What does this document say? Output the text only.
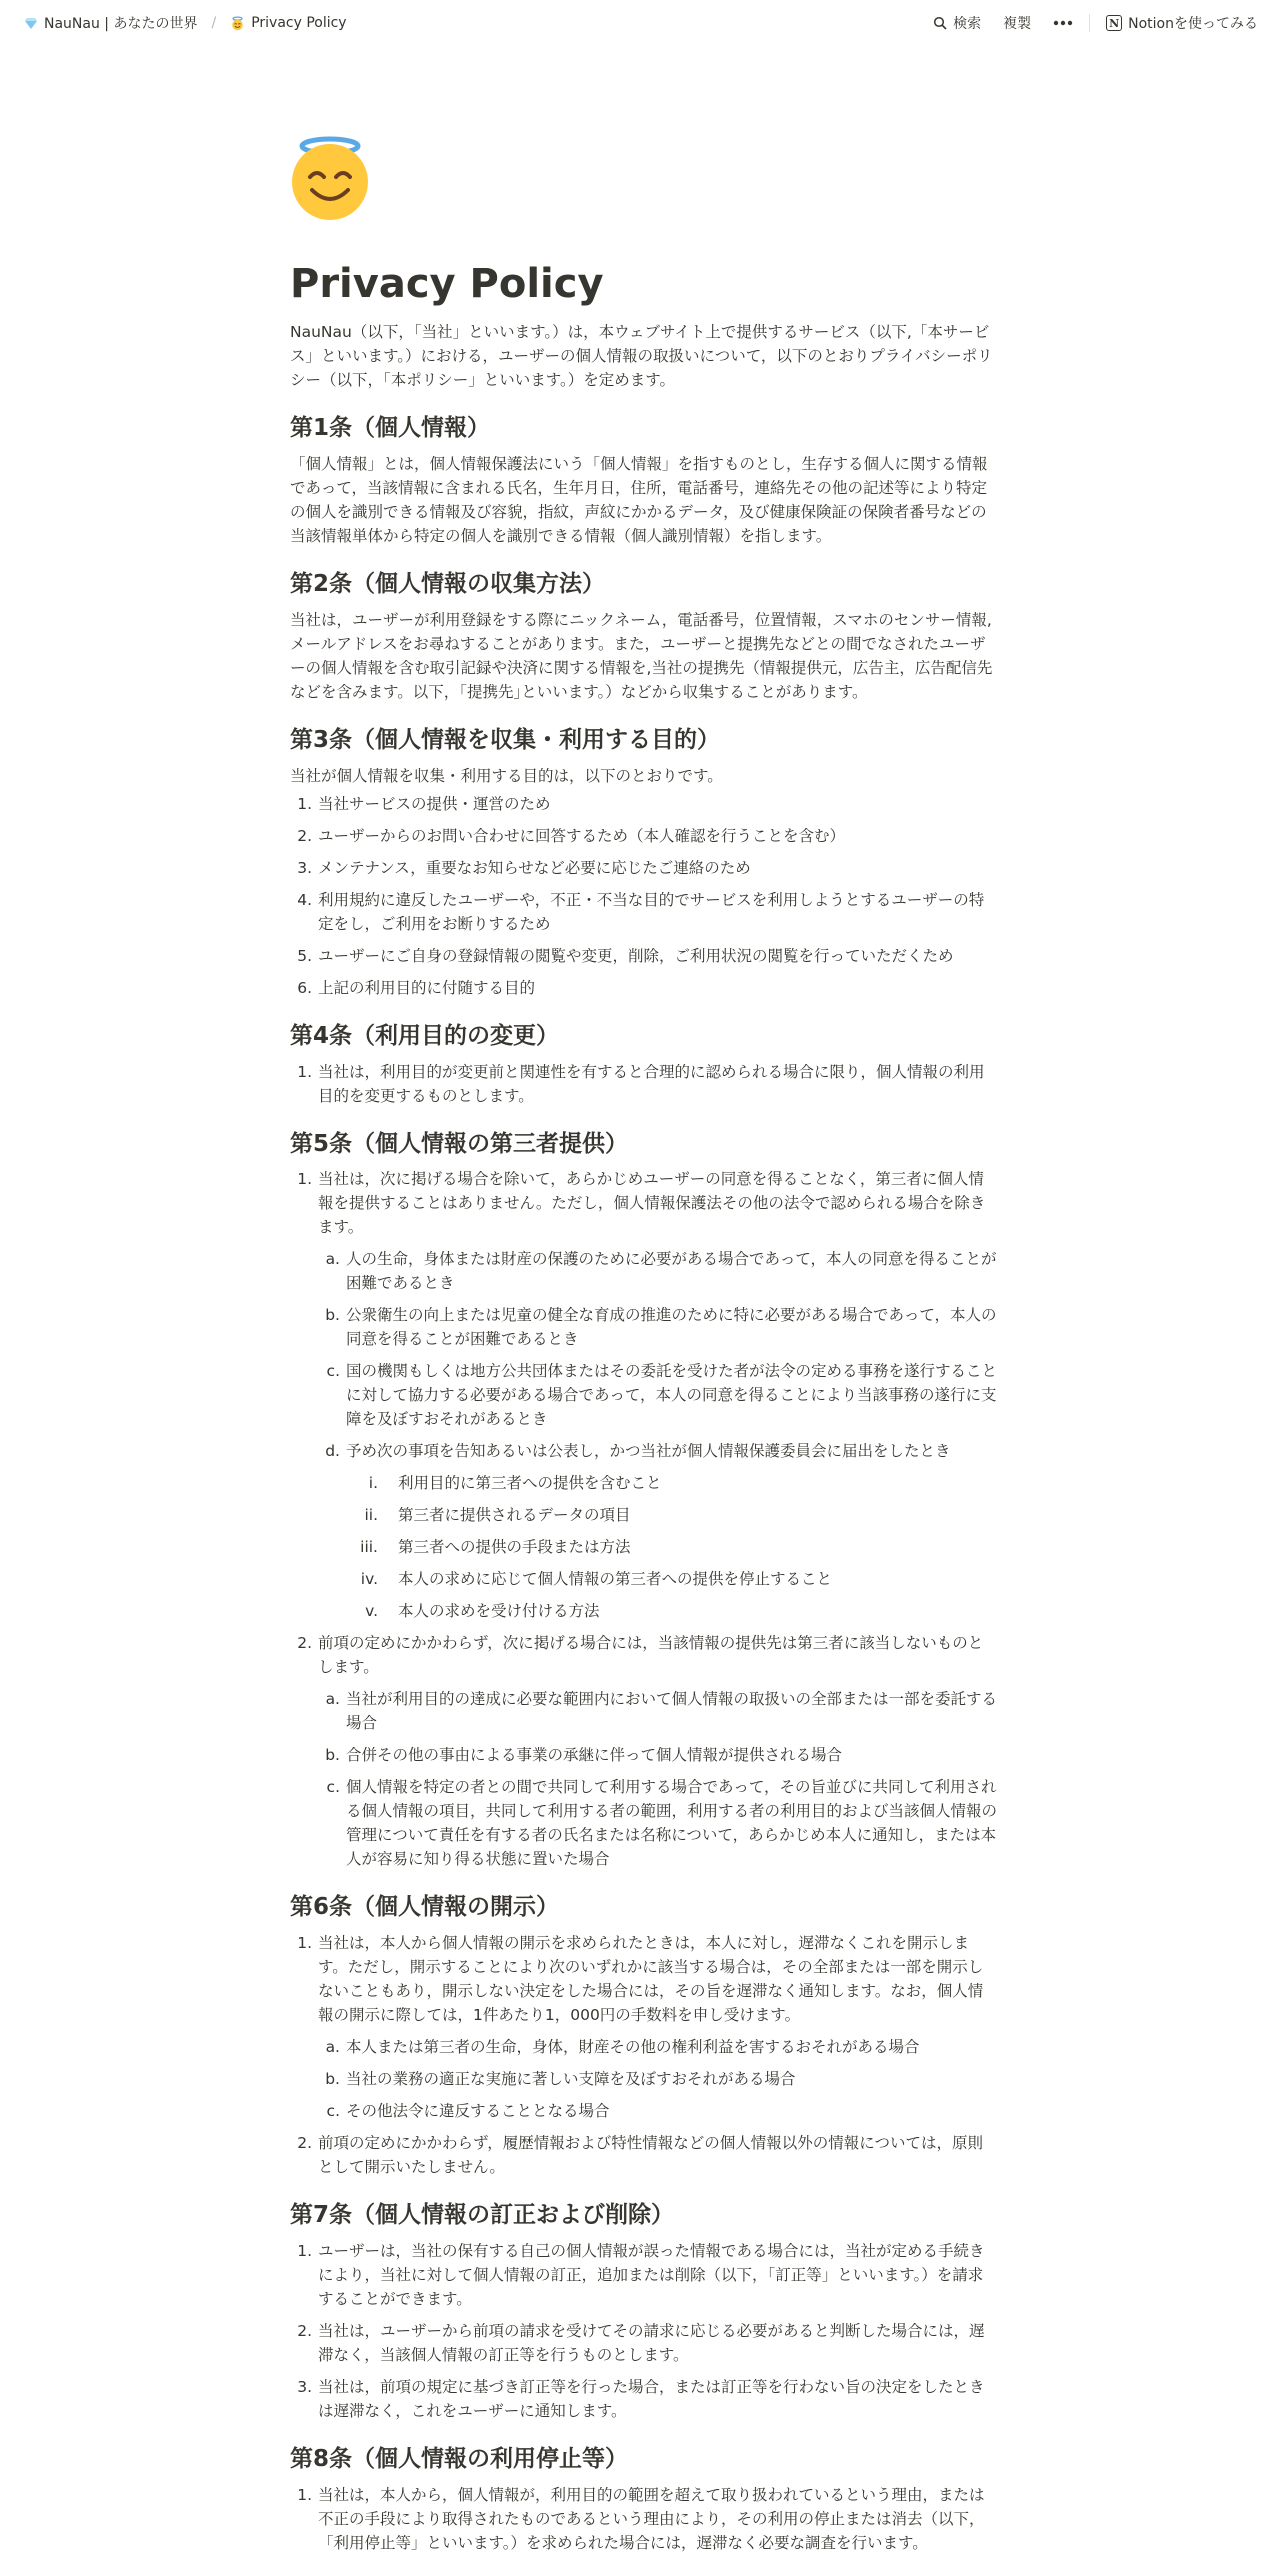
NauNau | あなたの世界 /	Privacy Policy	検索 複製	N Notionを使ってみる
Privacy Policy

NauNau（以下，「当社」といいます。）は，本ウェブサイト上で提供するサービス（以下,「本サービス」といいます。）における，ユーザーの個人情報の取扱いについて，以下のとおりプライバシーポリシー（以下，「本ポリシー」といいます。）を定めます。

第1条（個人情報）

「個人情報」とは，個人情報保護法にいう「個人情報」を指すものとし，生存する個人に関する情報であって，当該情報に含まれる氏名，生年月日，住所，電話番号，連絡先その他の記述等により特定の個人を識別できる情報及び容貌，指紋，声紋にかかるデータ，及び健康保険証の保険者番号などの当該情報単体から特定の個人を識別できる情報（個人識別情報）を指します。

第2条（個人情報の収集方法）

当社は，ユーザーが利用登録をする際にニックネーム，電話番号，位置情報，スマホのセンサー情報,メールアドレスをお尋ねすることがあります。また，ユーザーと提携先などとの間でなされたユーザーの個人情報を含む取引記録や決済に関する情報を,当社の提携先（情報提供元，広告主，広告配信先などを含みます。以下，｢提携先｣といいます。）などから収集することがあります。

第3条（個人情報を収集・利用する目的）

当社が個人情報を収集・利用する目的は，以下のとおりです。

1. 当社サービスの提供・運営のため
2. ユーザーからのお問い合わせに回答するため（本人確認を行うことを含む）
3. メンテナンス，重要なお知らせなど必要に応じたご連絡のため
4. 利用規約に違反したユーザーや，不正・不当な目的でサービスを利用しようとするユーザーの特定をし，ご利用をお断りするため
5. ユーザーにご自身の登録情報の閲覧や変更，削除，ご利用状況の閲覧を行っていただくため
6. 上記の利用目的に付随する目的
第4条（利用目的の変更）
1. 当社は，利用目的が変更前と関連性を有すると合理的に認められる場合に限り，個人情報の利用目的を変更するものとします。
第5条（個人情報の第三者提供）
1. 当社は，次に掲げる場合を除いて，あらかじめユーザーの同意を得ることなく，第三者に個人情報を提供することはありません。ただし，個人情報保護法その他の法令で認められる場合を除きます。
a. 人の生命，身体または財産の保護のために必要がある場合であって，本人の同意を得ることが困難であるとき
b. 公衆衛生の向上または児童の健全な育成の推進のために特に必要がある場合であって，本人の同意を得ることが困難であるとき
c. 国の機関もしくは地方公共団体またはその委託を受けた者が法令の定める事務を遂行することに対して協力する必要がある場合であって，本人の同意を得ることにより当該事務の遂行に支障を及ぼすおそれがあるとき
d. 予め次の事項を告知あるいは公表し，かつ当社が個人情報保護委員会に届出をしたとき
i. 利用目的に第三者への提供を含むこと
ii. 第三者に提供されるデータの項目
iii. 第三者への提供の手段または方法
iv. 本人の求めに応じて個人情報の第三者への提供を停止すること
v. 本人の求めを受け付ける方法
2. 前項の定めにかかわらず，次に掲げる場合には，当該情報の提供先は第三者に該当しないものとします。
a. 当社が利用目的の達成に必要な範囲内において個人情報の取扱いの全部または一部を委託する場合
b. 合併その他の事由による事業の承継に伴って個人情報が提供される場合
c. 個人情報を特定の者との間で共同して利用する場合であって，その旨並びに共同して利用される個人情報の項目，共同して利用する者の範囲，利用する者の利用目的および当該個人情報の管理について責任を有する者の氏名または名称について，あらかじめ本人に通知し，または本人が容易に知り得る状態に置いた場合
第6条（個人情報の開示）
1. 当社は，本人から個人情報の開示を求められたときは，本人に対し，遅滞なくこれを開示します。ただし，開示することにより次のいずれかに該当する場合は，その全部または一部を開示しないこともあり，開示しない決定をした場合には，その旨を遅滞なく通知します。なお，個人情報の開示に際しては，1件あたり1，000円の手数料を申し受けます。
a. 本人または第三者の生命，身体，財産その他の権利利益を害するおそれがある場合
b. 当社の業務の適正な実施に著しい支障を及ぼすおそれがある場合
c. その他法令に違反することとなる場合
2. 前項の定めにかかわらず，履歴情報および特性情報などの個人情報以外の情報については，原則として開示いたしません。
第7条（個人情報の訂正および削除）
1. ユーザーは，当社の保有する自己の個人情報が誤った情報である場合には，当社が定める手続きにより，当社に対して個人情報の訂正，追加または削除（以下，「訂正等」といいます。）を請求することができます。
2. 当社は，ユーザーから前項の請求を受けてその請求に応じる必要があると判断した場合には，遅滞なく，当該個人情報の訂正等を行うものとします。
3. 当社は，前項の規定に基づき訂正等を行った場合，または訂正等を行わない旨の決定をしたときは遅滞なく，これをユーザーに通知します。
第8条（個人情報の利用停止等）
1. 当社は，本人から，個人情報が，利用目的の範囲を超えて取り扱われているという理由，または不正の手段により取得されたものであるという理由により，その利用の停止または消去（以下，「利用停止等」といいます。）を求められた場合には，遅滞なく必要な調査を行います。
